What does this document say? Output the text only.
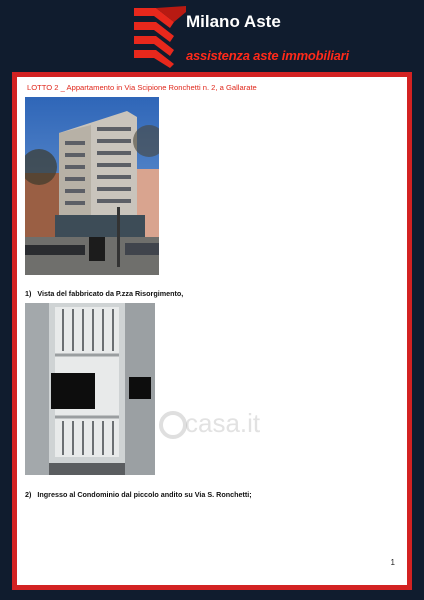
Milano Aste
assistenza aste immobiliari
LOTTO 2 _ Appartamento in Via Scipione Ronchetti n. 2, a Gallarate
1)   Vista del fabbricato da P.zza Risorgimento,
2)   Ingresso al Condominio dal piccolo andito su Via S. Ronchetti;
casa.it
1
